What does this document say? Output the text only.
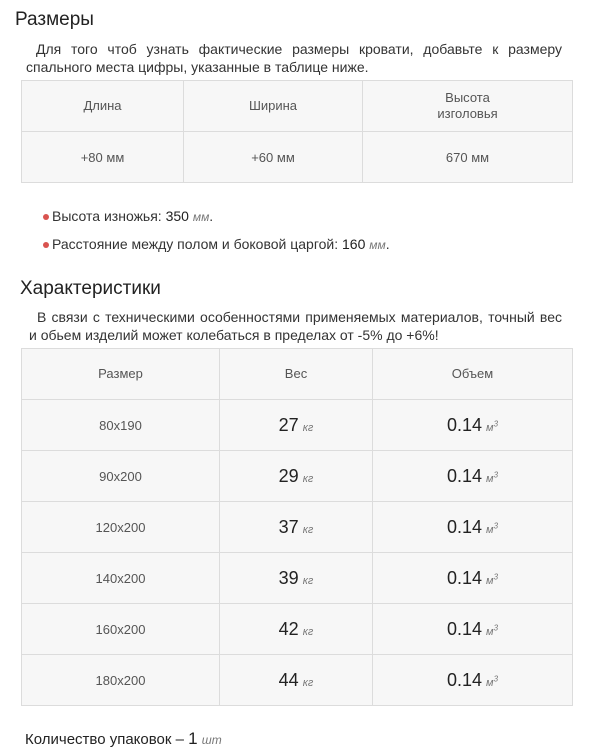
Размеры
Для того чтоб узнать фактические размеры кровати, добавьте к размеру спального места цифры, указанные в таблице ниже.
Длина	Ширина	Высота изголовья
+80 мм	+60 мм	670 мм
Высота изножья: 350 мм.
Расстояние между полом и боковой царгой: 160 мм.
Характеристики
В связи с техническими особенностями применяемых материалов, точный вес и обьем изделий может колебаться в пределах от -5% до +6%!
Размер	Вес	Объем
80x190	27 кг	0.14 $м^3$
90x200	29 кг	0.14 $м^3$
120x200	37 кг	0.14 $м^3$
140x200	39 кг	0.14 $м^3$
160x200	42 кг	0.14 $м^3$
180x200	44 кг	0.14 $м^3$
Количество упаковок – 1 шт
